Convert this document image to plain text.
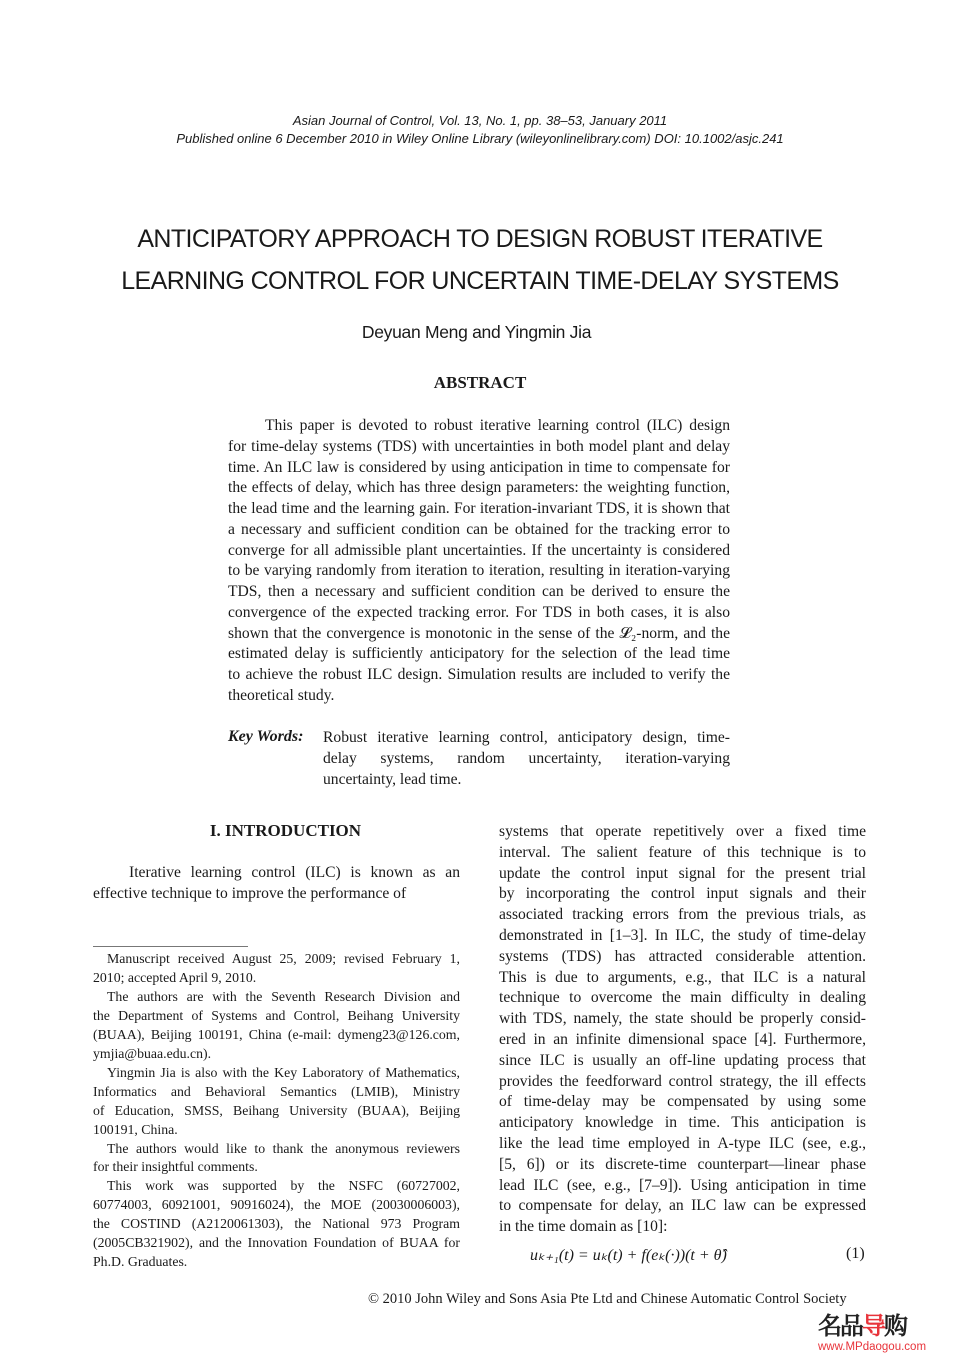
Asian Journal of Control, Vol. 13, No. 1, pp. 38–53, January 2011
Published online 6 December 2010 in Wiley Online Library (wileyonlinelibrary.com) DOI: 10.1002/asjc.241
ANTICIPATORY APPROACH TO DESIGN ROBUST ITERATIVE
LEARNING CONTROL FOR UNCERTAIN TIME-DELAY SYSTEMS
Deyuan Meng and Yingmin Jia
ABSTRACT
This paper is devoted to robust iterative learning control (ILC) design
for time-delay systems (TDS) with uncertainties in both model plant and delay
time. An ILC law is considered by using anticipation in time to compensate for
the effects of delay, which has three design parameters: the weighting function,
the lead time and the learning gain. For iteration-invariant TDS, it is shown that
a necessary and sufficient condition can be obtained for the tracking error to
converge for all admissible plant uncertainties. If the uncertainty is considered
to be varying randomly from iteration to iteration, resulting in iteration-varying
TDS, then a necessary and sufficient condition can be derived to ensure the
convergence of the expected tracking error. For TDS in both cases, it is also
shown that the convergence is monotonic in the sense of the 𝓛₂-norm, and the
estimated delay is sufficiently anticipatory for the selection of the lead time
to achieve the robust ILC design. Simulation results are included to verify the
theoretical study.
Key Words: Robust iterative learning control, anticipatory design, time-
delay systems, random uncertainty, iteration-varying
uncertainty, lead time.
I. INTRODUCTION
Iterative learning control (ILC) is known as an
effective technique to improve the performance of
Manuscript received August 25, 2009; revised February 1,
2010; accepted April 9, 2010.
The authors are with the Seventh Research Division and
the Department of Systems and Control, Beihang University
(BUAA), Beijing 100191, China (e-mail: dymeng23@126.com,
ymjia@buaa.edu.cn).
Yingmin Jia is also with the Key Laboratory of Mathematics,
Informatics and Behavioral Semantics (LMIB), Ministry
of Education, SMSS, Beihang University (BUAA), Beijing
100191, China.
The authors would like to thank the anonymous reviewers
for their insightful comments.
This work was supported by the NSFC (60727002,
60774003, 60921001, 90916024), the MOE (20030006003),
the COSTIND (A2120061303), the National 973 Program
(2005CB321902), and the Innovation Foundation of BUAA for
Ph.D. Graduates.
systems that operate repetitively over a fixed time
interval. The salient feature of this technique is to
update the control input signal for the present trial
by incorporating the control input signals and their
associated tracking errors from the previous trials, as
demonstrated in [1–3]. In ILC, the study of time-delay
systems (TDS) has attracted considerable attention.
This is due to arguments, e.g., that ILC is a natural
technique to overcome the main difficulty in dealing
with TDS, namely, the state should be properly consid-
ered in an infinite dimensional space [4]. Furthermore,
since ILC is usually an off-line updating process that
provides the feedforward control strategy, the ill effects
of time-delay may be compensated by using some
anticipatory knowledge in time. This anticipation is
like the lead time employed in A-type ILC (see, e.g.,
[5, 6]) or its discrete-time counterpart—linear phase
lead ILC (see, e.g., [7–9]). Using anticipation in time
to compensate for delay, an ILC law can be expressed
in the time domain as [10]:
uₖ₊₁(t) = uₖ(t) + f(eₖ(·))(t + θ̂)	(1)
© 2010 John Wiley and Sons Asia Pte Ltd and Chinese Automatic Control Society
名品导购
www.MPdaogou.com
